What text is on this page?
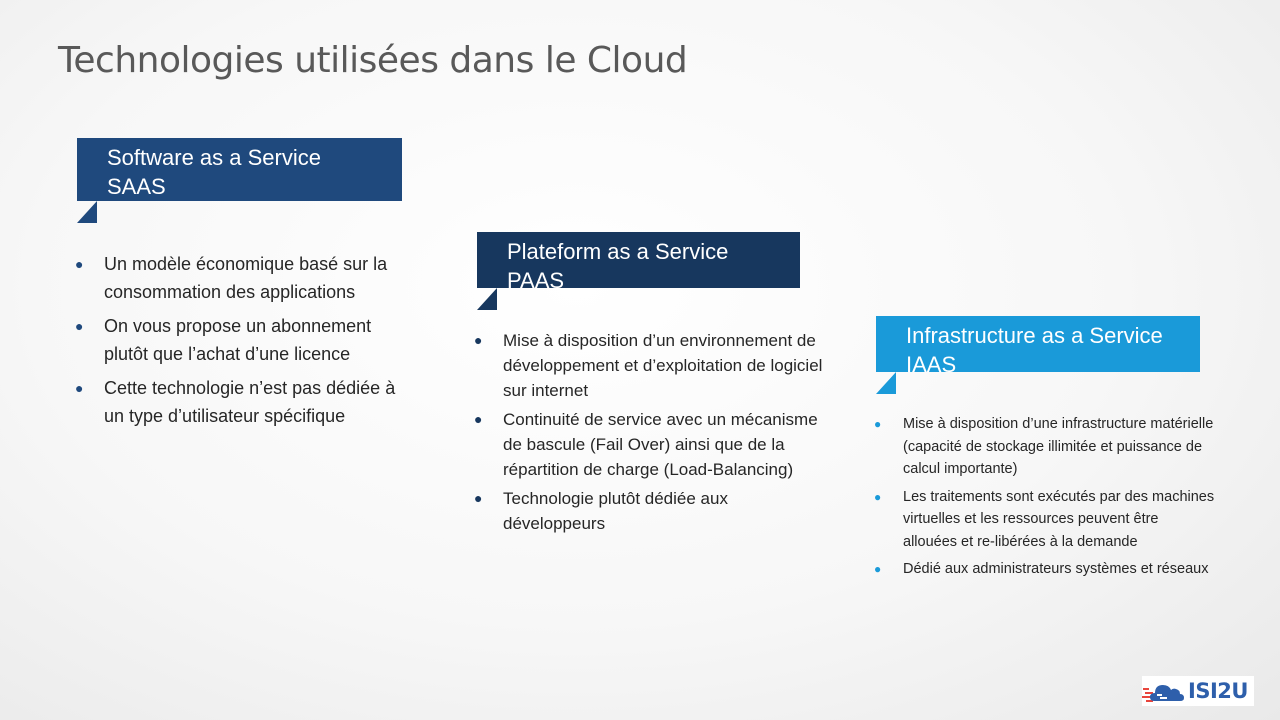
Technologies utilisées dans le Cloud
Software as a Service
SAAS
● Un modèle économique basé sur la consommation des applications
● On vous propose un abonnement plutôt que l’achat d’une licence
● Cette technologie n’est pas dédiée à un type d’utilisateur spécifique
Plateform as a Service
PAAS
● Mise à disposition d’un environnement de développement et d’exploitation de logiciel sur internet
● Continuité de service avec un mécanisme de bascule (Fail Over) ainsi que de la répartition de charge (Load-Balancing)
● Technologie plutôt dédiée aux développeurs
Infrastructure as a Service
IAAS
● Mise à disposition d’une infrastructure matérielle (capacité de stockage illimitée et puissance de calcul importante)
● Les traitements sont exécutés par des machines virtuelles et les ressources peuvent être allouées et re-libérées à la demande
● Dédié aux administrateurs systèmes et réseaux
ISI2U
